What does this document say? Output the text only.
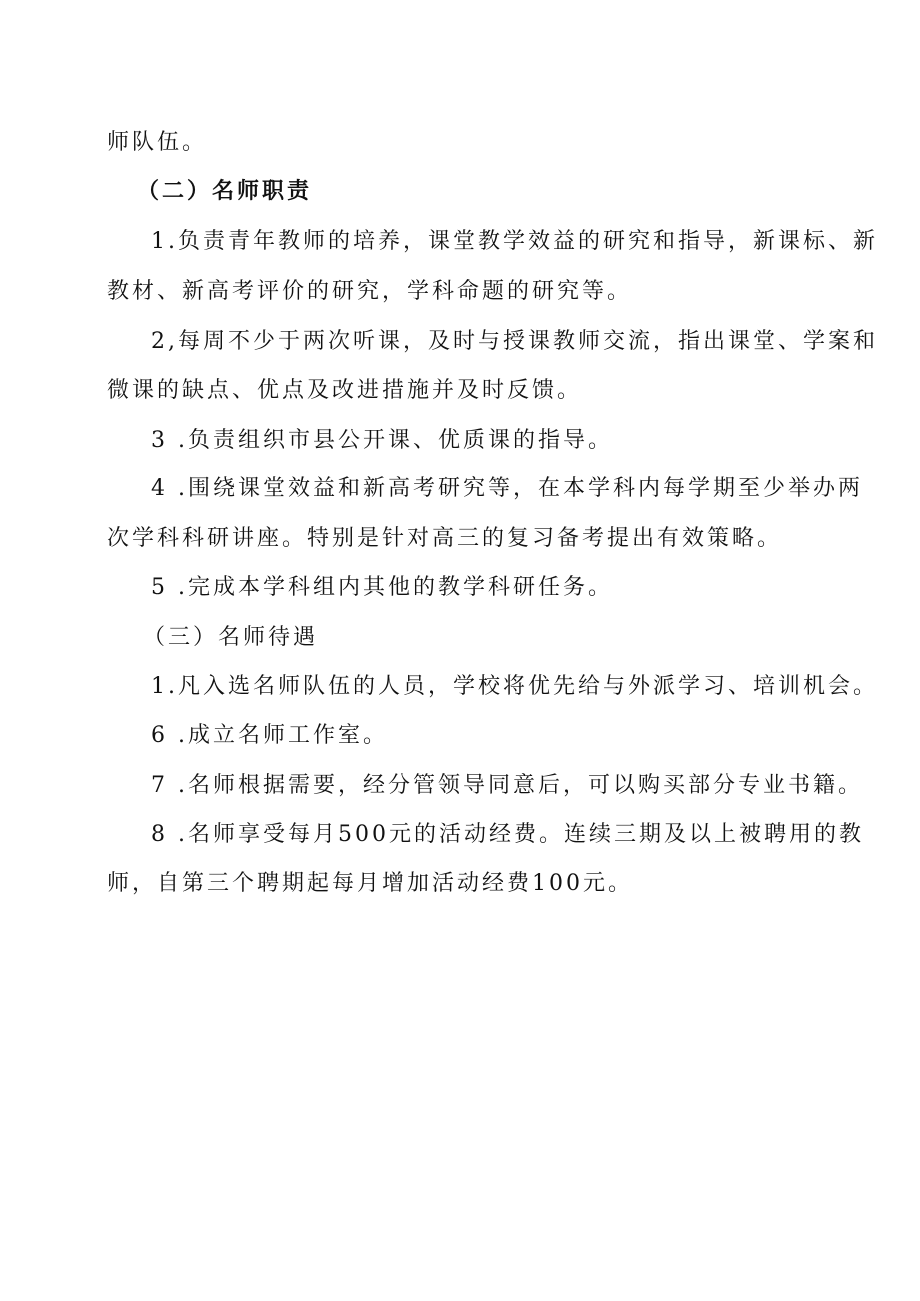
师队伍。
（二）名师职责
1.负责青年教师的培养，课堂教学效益的研究和指导，新课标、新
教材、新高考评价的研究，学科命题的研究等。
2,每周不少于两次听课，及时与授课教师交流，指出课堂、学案和
微课的缺点、优点及改进措施并及时反馈。
3 .负责组织市县公开课、优质课的指导。
4 .围绕课堂效益和新高考研究等，在本学科内每学期至少举办两
次学科科研讲座。特别是针对高三的复习备考提出有效策略。
5 .完成本学科组内其他的教学科研任务。
（三）名师待遇
1.凡入选名师队伍的人员，学校将优先给与外派学习、培训机会。
6 .成立名师工作室。
7 .名师根据需要，经分管领导同意后，可以购买部分专业书籍。
8 .名师享受每月500元的活动经费。连续三期及以上被聘用的教
师，自第三个聘期起每月增加活动经费100元。
